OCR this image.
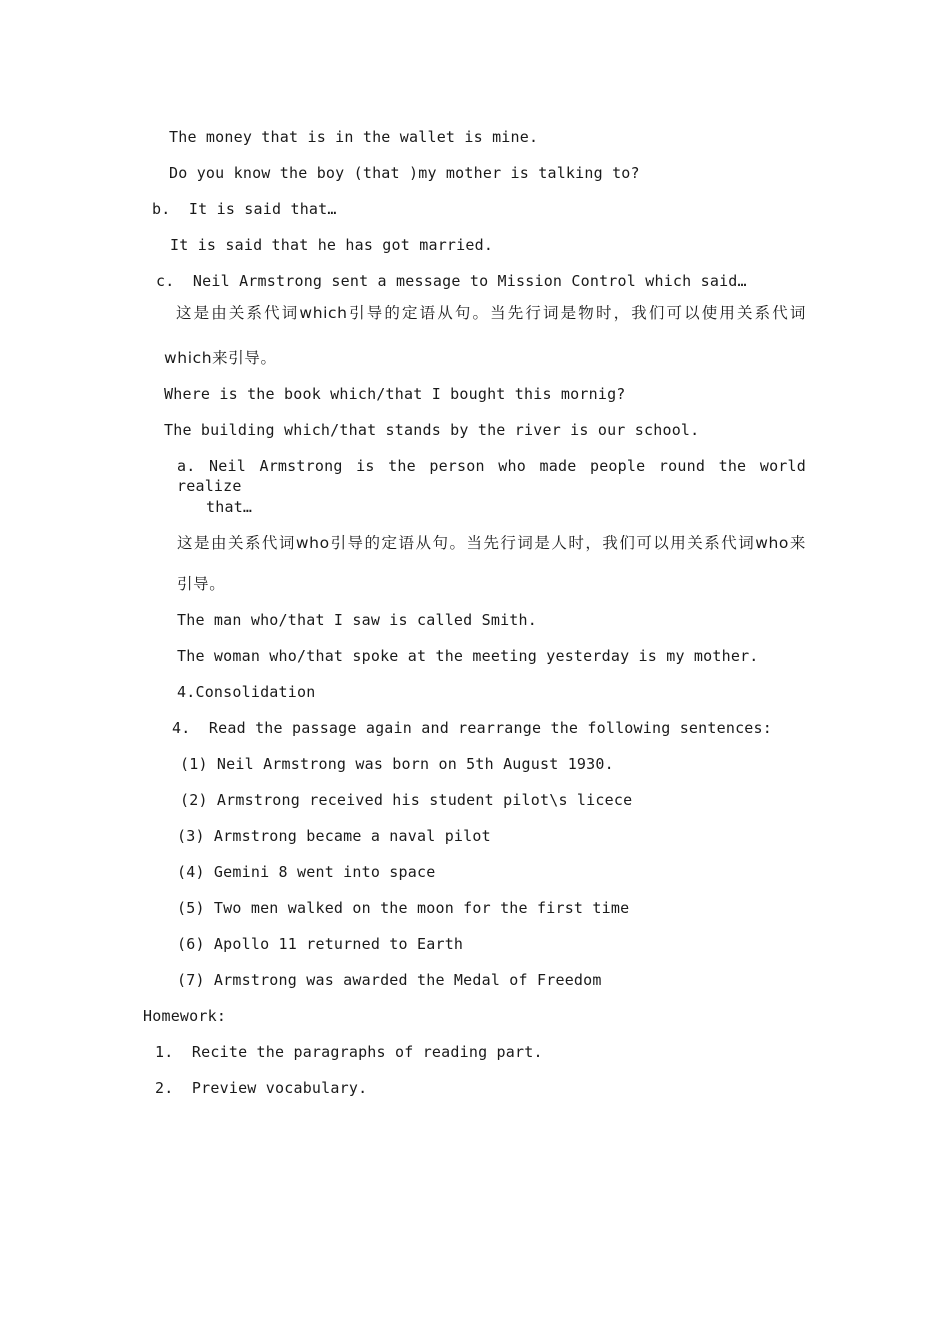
The money that is in the wallet is mine.
Do you know the boy (that )my mother is talking to?
b.  It is said that…
It is said that he has got married.
c.  Neil Armstrong sent a message to Mission Control which said…
这是由关系代词which引导的定语从句。当先行词是物时，我们可以使用关系代词
which来引导。
Where is the book which/that I bought this mornig?
The building which/that stands by the river is our school.
a. Neil Armstrong is the person who made people round the world realize
that…
这是由关系代词who引导的定语从句。当先行词是人时，我们可以用关系代词who来
引导。
The man who/that I saw is called Smith.
The woman who/that spoke at the meeting yesterday is my mother.
4.Consolidation
4.  Read the passage again and rearrange the following sentences:
(1) Neil Armstrong was born on 5th August 1930.
(2) Armstrong received his student pilot\s licece
(3) Armstrong became a naval pilot
(4) Gemini 8 went into space
(5) Two men walked on the moon for the first time
(6) Apollo 11 returned to Earth
(7) Armstrong was awarded the Medal of Freedom
Homework:
1.  Recite the paragraphs of reading part.
2.  Preview vocabulary.
